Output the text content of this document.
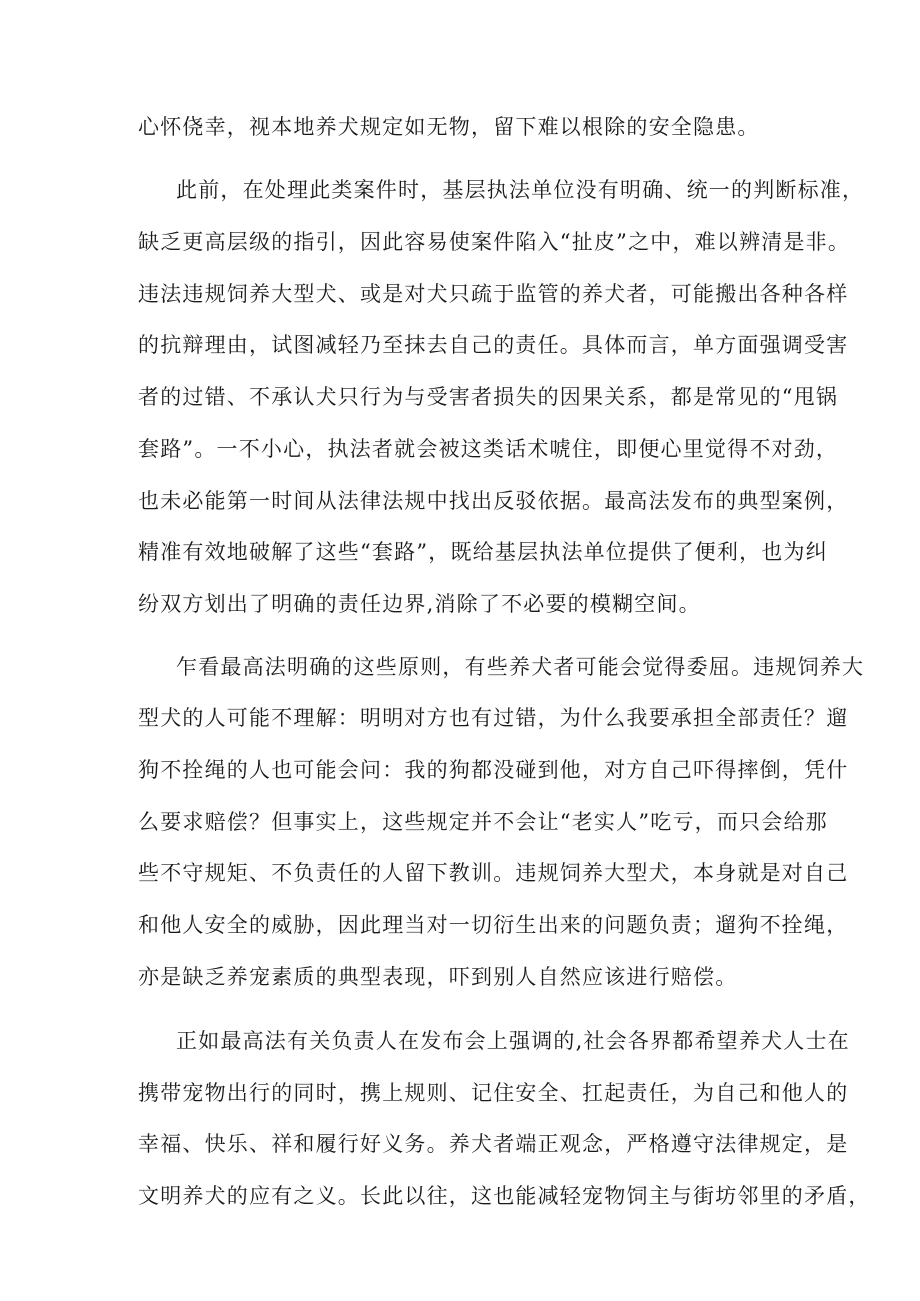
心怀侥幸，视本地养犬规定如无物，留下难以根除的安全隐患。
此前，在处理此类案件时，基层执法单位没有明确、统一的判断标准，
缺乏更高层级的指引，因此容易使案件陷入“扯皮”之中，难以辨清是非。
违法违规饲养大型犬、或是对犬只疏于监管的养犬者，可能搬出各种各样
的抗辩理由，试图减轻乃至抹去自己的责任。具体而言，单方面强调受害
者的过错、不承认犬只行为与受害者损失的因果关系，都是常见的“甩锅
套路”。一不小心，执法者就会被这类话术唬住，即便心里觉得不对劲，
也未必能第一时间从法律法规中找出反驳依据。最高法发布的典型案例，
精准有效地破解了这些“套路”，既给基层执法单位提供了便利，也为纠
纷双方划出了明确的责任边界,消除了不必要的模糊空间。
乍看最高法明确的这些原则，有些养犬者可能会觉得委屈。违规饲养大
型犬的人可能不理解：明明对方也有过错，为什么我要承担全部责任？遛
狗不拴绳的人也可能会问：我的狗都没碰到他，对方自己吓得摔倒，凭什
么要求赔偿？但事实上，这些规定并不会让“老实人”吃亏，而只会给那
些不守规矩、不负责任的人留下教训。违规饲养大型犬，本身就是对自己
和他人安全的威胁，因此理当对一切衍生出来的问题负责；遛狗不拴绳，
亦是缺乏养宠素质的典型表现，吓到别人自然应该进行赔偿。
正如最高法有关负责人在发布会上强调的,社会各界都希望养犬人士在
携带宠物出行的同时，携上规则、记住安全、扛起责任，为自己和他人的
幸福、快乐、祥和履行好义务。养犬者端正观念，严格遵守法律规定，是
文明养犬的应有之义。长此以往，这也能减轻宠物饲主与街坊邻里的矛盾，
